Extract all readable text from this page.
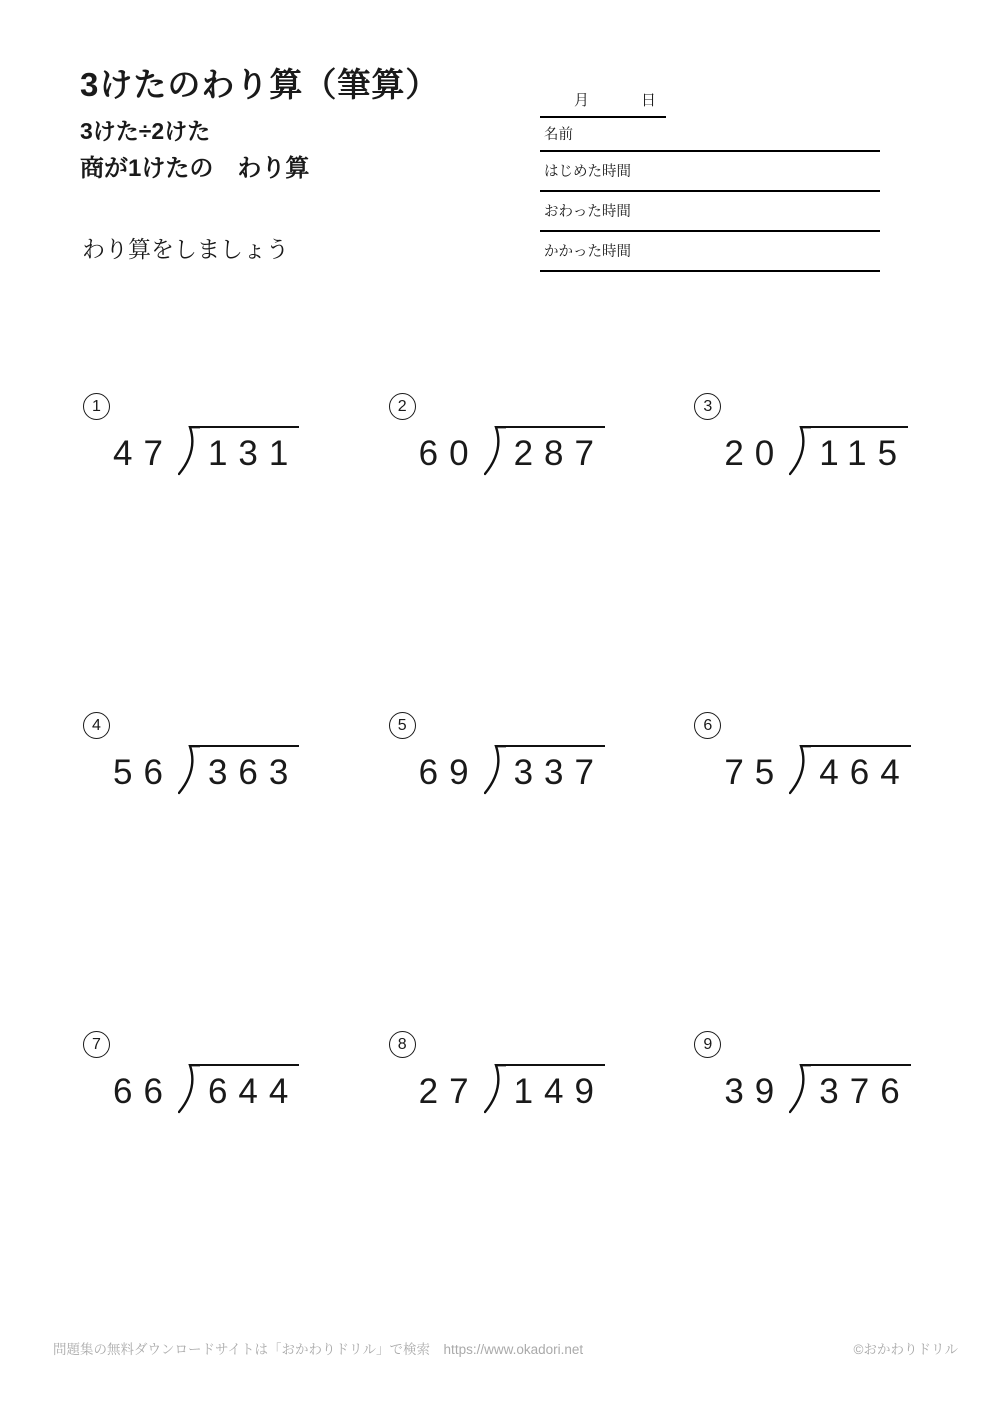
3けたのわり算（筆算）
3けた÷2けた
商が1けたの　わり算
わり算をしましょう
月	日
名前
はじめた時間
おわった時間
かかった時間
1
47 131
2
60 287
3
20 115
4
56 363
5
69 337
6
75 464
7
66 644
8
27 149
9
39 376
問題集の無料ダウンロードサイトは「おかわりドリル」で検索　https://www.okadori.net	©おかわりドリル
